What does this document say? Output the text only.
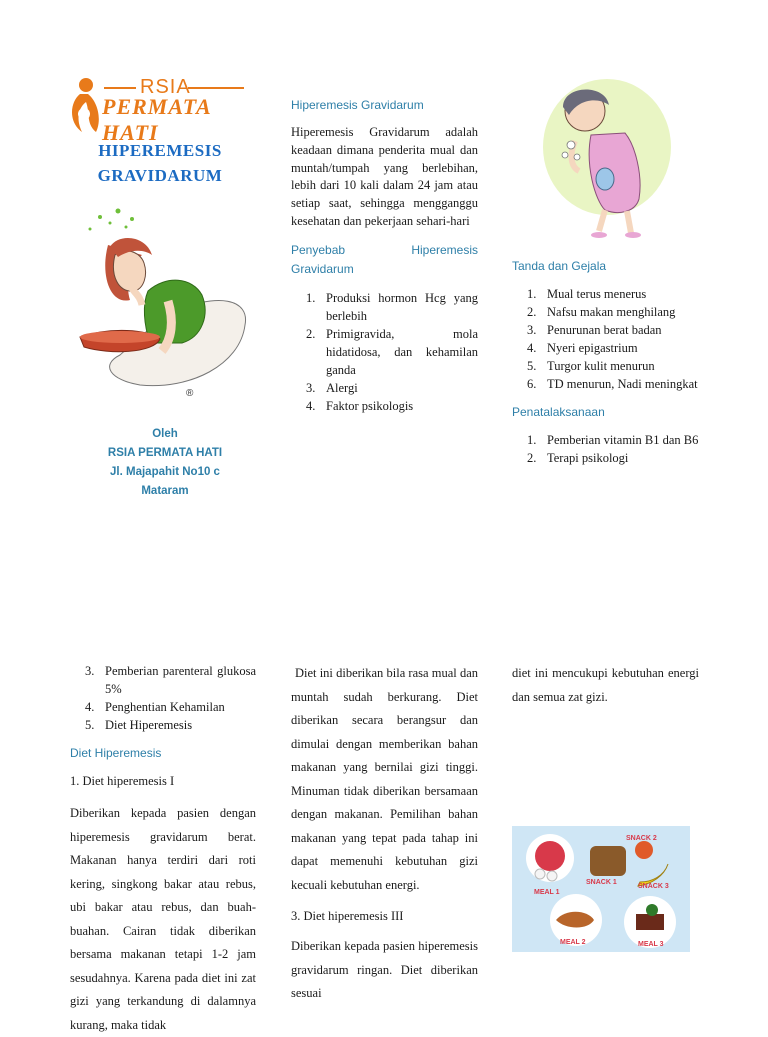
RSIA
PERMATA HATI
HIPEREMESIS
GRAVIDARUM
®
Oleh
RSIA PERMATA HATI
Jl. Majapahit No10 c
Mataram
Hiperemesis Gravidarum
Hiperemesis Gravidarum adalah keadaan dimana penderita mual dan muntah/tumpah yang berlebihan, lebih dari 10 kali dalam 24 jam atau setiap saat, sehingga mengganggu kesehatan dan pekerjaan sehari-hari
Penyebab	Hiperemesis
Gravidarum
1. Produksi hormon Hcg yang berlebih
2. Primigravida, mola hidatidosa, dan kehamilan ganda
3. Alergi
4. Faktor psikologis
Tanda dan Gejala
1. Mual terus menerus
2. Nafsu makan menghilang
3. Penurunan berat badan
4. Nyeri epigastrium
5. Turgor kulit menurun
6. TD menurun, Nadi meningkat
Penatalaksanaan
1. Pemberian vitamin B1 dan B6
2. Terapi psikologi
3. Pemberian parenteral glukosa 5%
4. Penghentian Kehamilan
5. Diet Hiperemesis
Diet Hiperemesis
1. Diet hiperemesis I
Diberikan kepada pasien dengan hiperemesis gravidarum berat. Makanan hanya terdiri dari roti kering, singkong bakar atau rebus, ubi bakar atau rebus, dan buah-buahan. Cairan tidak diberikan bersama makanan tetapi 1-2 jam sesudahnya. Karena pada diet ini zat gizi yang terkandung di dalamnya kurang, maka tidak
Diet ini diberikan bila rasa mual dan muntah sudah berkurang. Diet diberikan secara berangsur dan dimulai dengan memberikan bahan makanan yang bernilai gizi tinggi. Minuman tidak diberikan bersamaan dengan makanan. Pemilihan bahan makanan yang tepat pada tahap ini dapat memenuhi kebutuhan gizi kecuali kebutuhan energi.
3. Diet hiperemesis III
Diberikan kepada pasien hiperemesis gravidarum ringan. Diet diberikan sesuai
diet ini mencukupi kebutuhan energi dan semua zat gizi.
MEAL 1
SNACK 1
SNACK 2
SNACK 3
MEAL 2	MEAL 3
